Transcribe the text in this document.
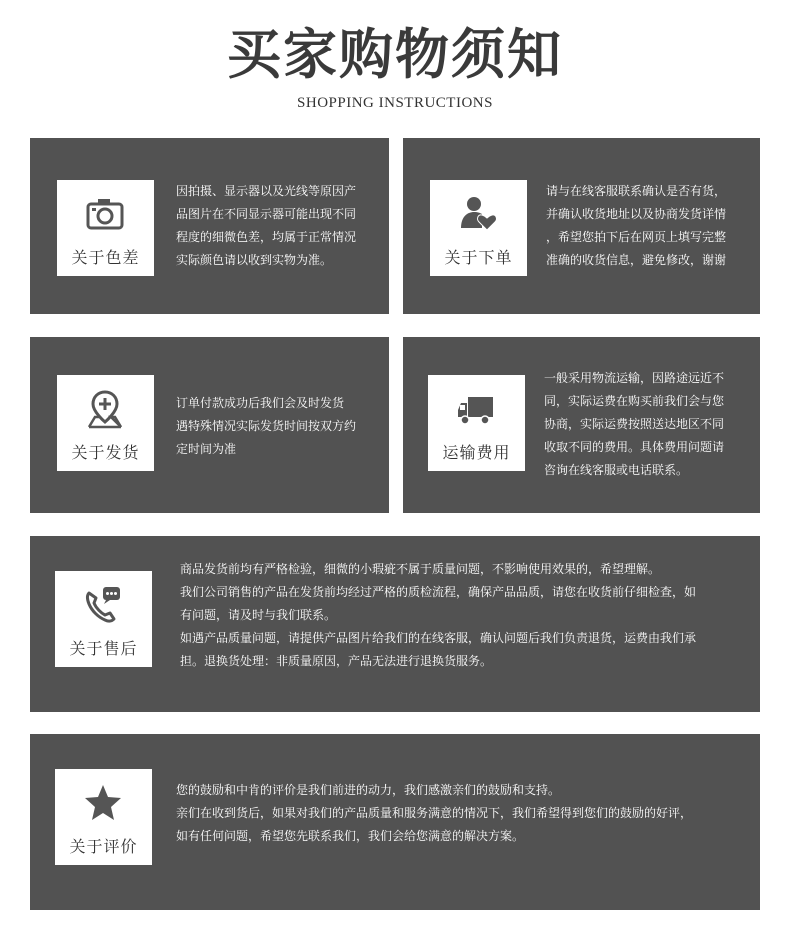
买家购物须知
SHOPPING INSTRUCTIONS
关于色差

因拍摄、显示器以及光线等原因产

品图片在不同显示器可能出现不同

程度的细微色差，均属于正常情况

实际颜色请以收到实物为准。	关于下单

请与在线客服联系确认是否有货，

并确认收货地址以及协商发货详情

，希望您拍下后在网页上填写完整

准确的收货信息，避免修改，谢谢

关于发货

订单付款成功后我们会及时发货

遇特殊情况实际发货时间按双方约

定时间为准	运输费用

一般采用物流运输，因路途远近不

同，实际运费在购买前我们会与您

协商，实际运费按照送达地区不同

收取不同的费用。具体费用问题请

咨询在线客服或电话联系。

关于售后

商品发货前均有严格检验，细微的小瑕疵不属于质量问题，不影响使用效果的，希望理解。

我们公司销售的产品在发货前均经过严格的质检流程，确保产品品质，请您在收货前仔细检查，如

有问题，请及时与我们联系。

如遇产品质量问题，请提供产品图片给我们的在线客服，确认问题后我们负责退货，运费由我们承

担。退换货处理：非质量原因，产品无法进行退换货服务。

关于评价

您的鼓励和中肯的评价是我们前进的动力，我们感激亲们的鼓励和支持。

亲们在收到货后，如果对我们的产品质量和服务满意的情况下，我们希望得到您们的鼓励的好评，

如有任何问题，希望您先联系我们，我们会给您满意的解决方案。
